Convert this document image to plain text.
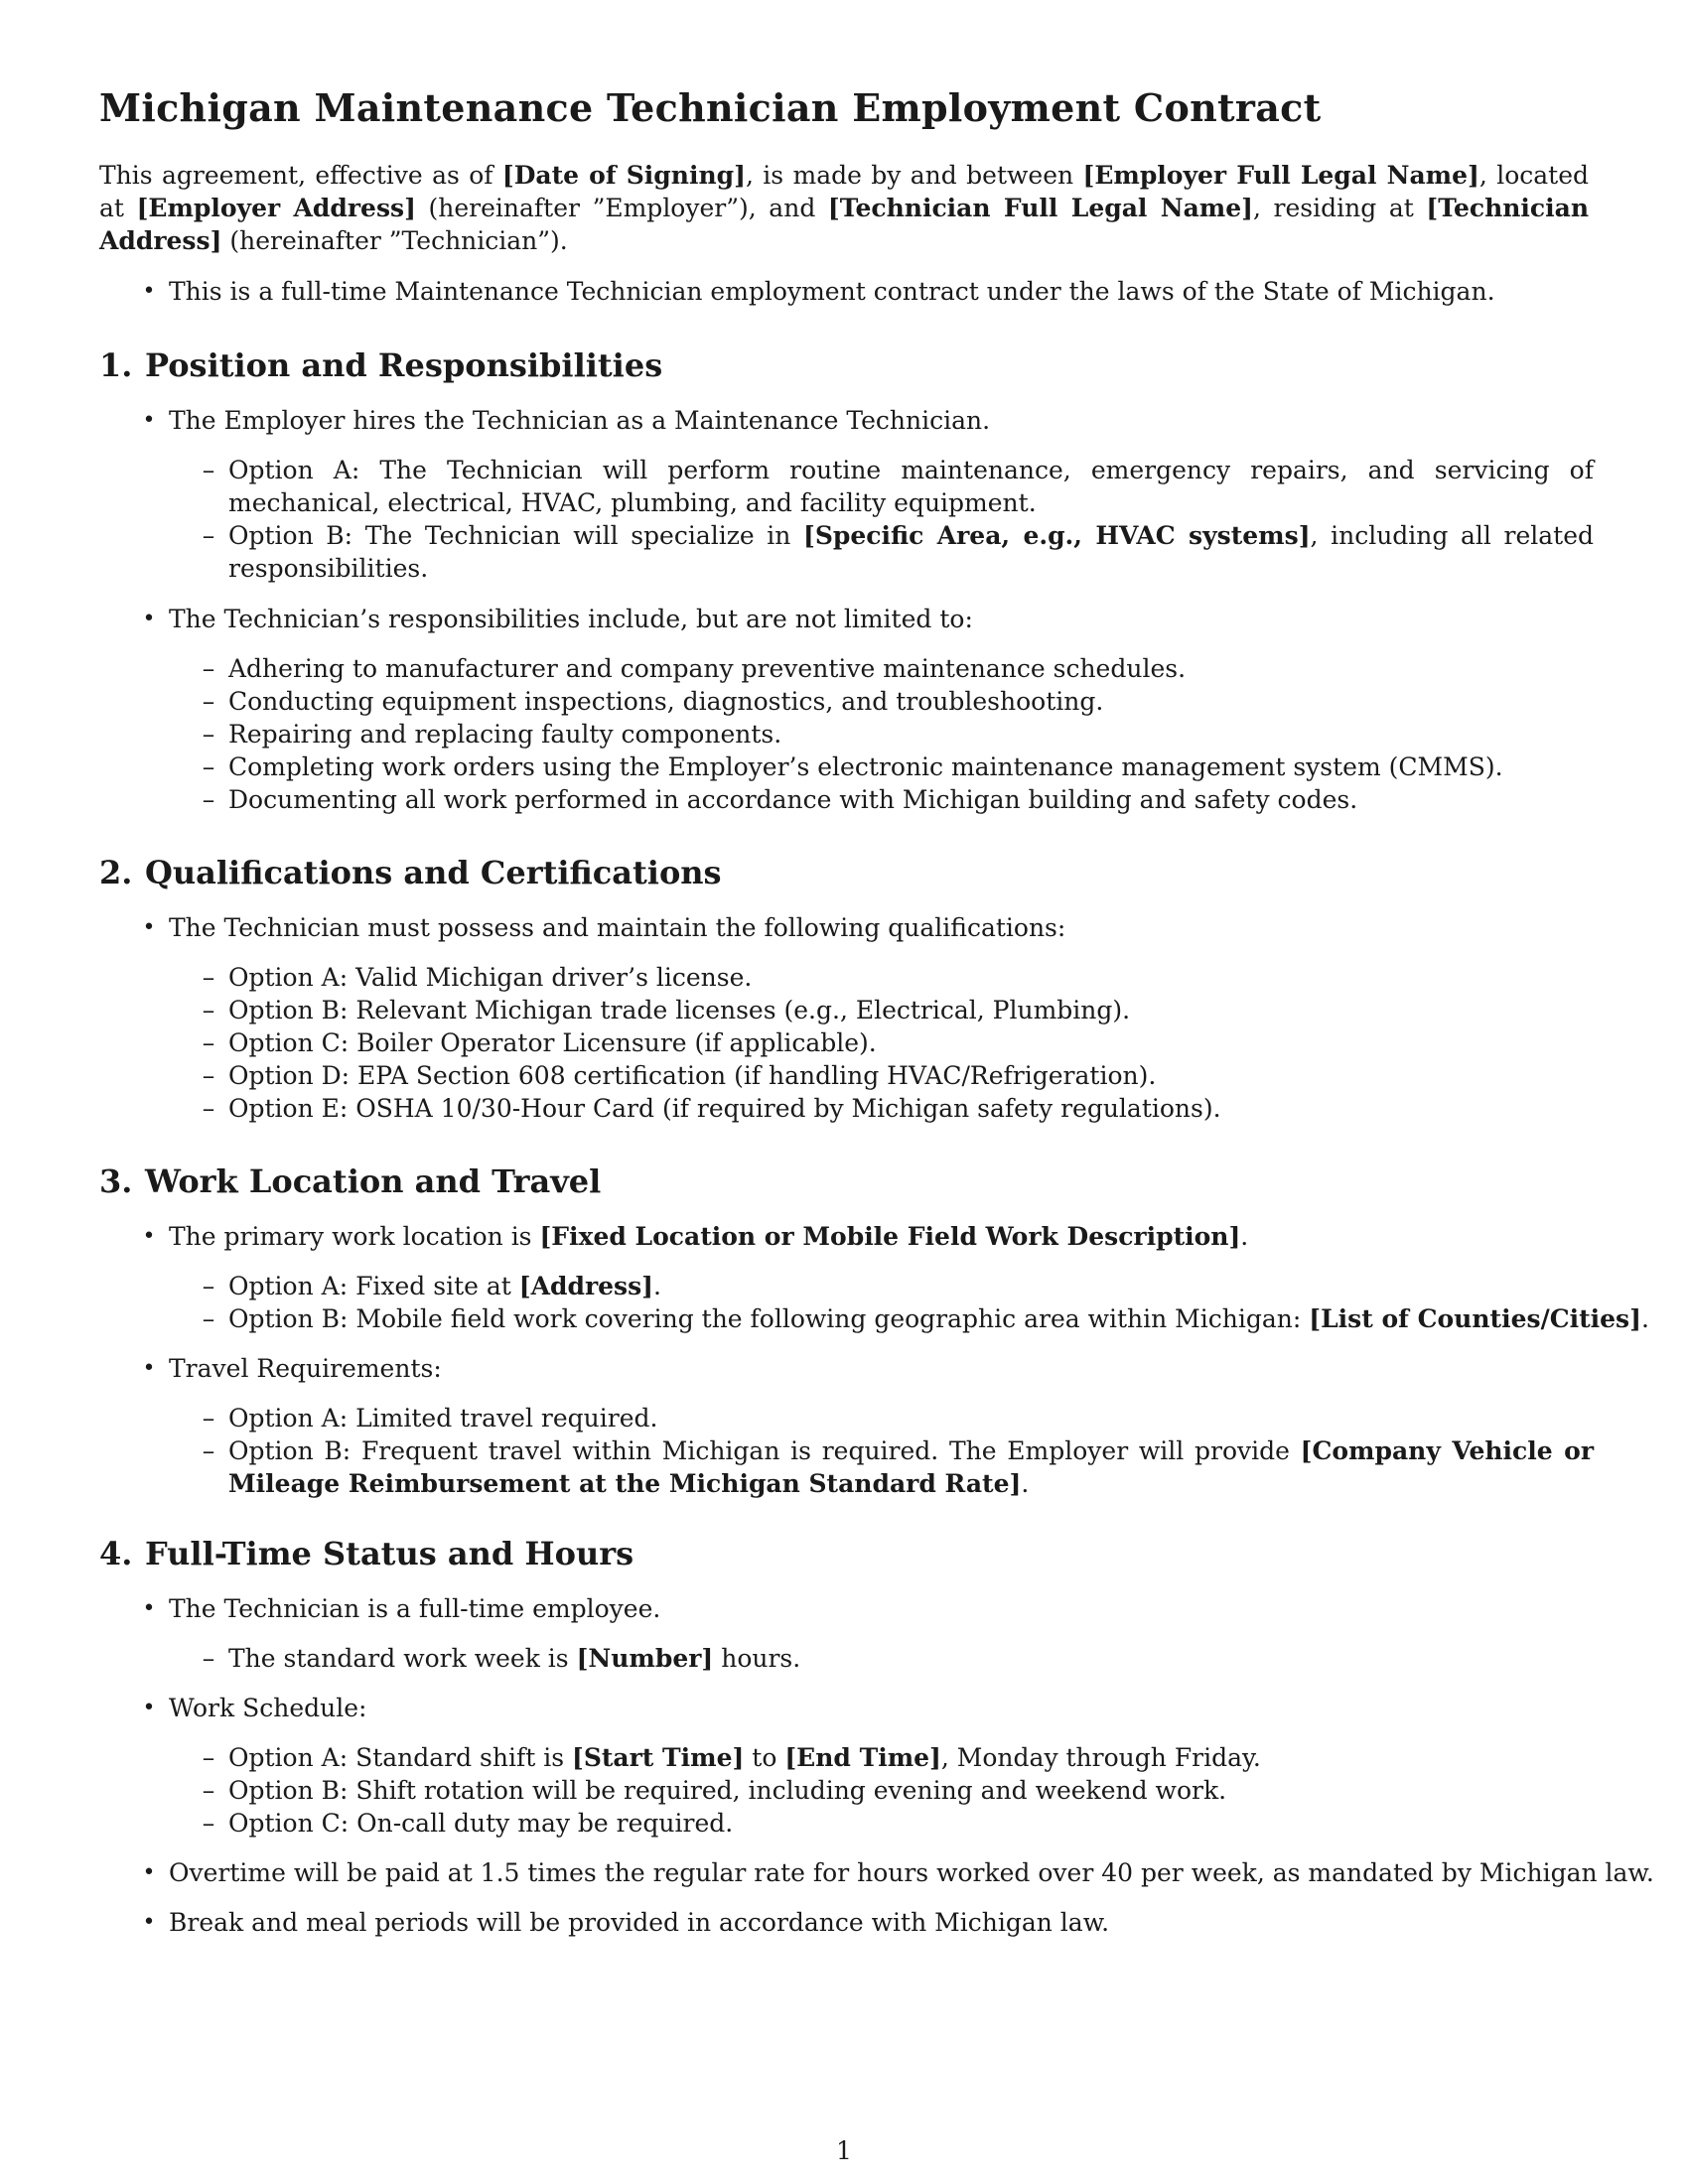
Michigan Maintenance Technician Employment Contract

This agreement, effective as of [Date of Signing], is made by and between [Employer Full Legal Name], located at [Employer Address] (hereinafter ”Employer”), and [Technician Full Legal Name], residing at [Technician Address] (hereinafter ”Technician”).

• This is a full-time Maintenance Technician employment contract under the laws of the State of Michigan.
1. Position and Responsibilities
• The Employer hires the Technician as a Maintenance Technician.
– Option A: The Technician will perform routine maintenance, emergency repairs, and servicing of mechanical, electrical, HVAC, plumbing, and facility equipment.
– Option B: The Technician will specialize in [Specific Area, e.g., HVAC systems], including all related responsibilities.
• The Technician’s responsibilities include, but are not limited to:
– Adhering to manufacturer and company preventive maintenance schedules.
– Conducting equipment inspections, diagnostics, and troubleshooting.
– Repairing and replacing faulty components.
– Completing work orders using the Employer’s electronic maintenance management system (CMMS).
– Documenting all work performed in accordance with Michigan building and safety codes.
2. Qualifications and Certifications
• The Technician must possess and maintain the following qualifications:
– Option A: Valid Michigan driver’s license.
– Option B: Relevant Michigan trade licenses (e.g., Electrical, Plumbing).
– Option C: Boiler Operator Licensure (if applicable).
– Option D: EPA Section 608 certification (if handling HVAC/Refrigeration).
– Option E: OSHA 10/30-Hour Card (if required by Michigan safety regulations).
3. Work Location and Travel
• The primary work location is [Fixed Location or Mobile Field Work Description].
– Option A: Fixed site at [Address].
– Option B: Mobile field work covering the following geographic area within Michigan: [List of Counties/Cities].
• Travel Requirements:
– Option A: Limited travel required.
– Option B: Frequent travel within Michigan is required. The Employer will provide [Company Vehicle or Mileage Reimbursement at the Michigan Standard Rate].
4. Full-Time Status and Hours
• The Technician is a full-time employee.
– The standard work week is [Number] hours.
• Work Schedule:
– Option A: Standard shift is [Start Time] to [End Time], Monday through Friday.
– Option B: Shift rotation will be required, including evening and weekend work.
– Option C: On-call duty may be required.
• Overtime will be paid at 1.5 times the regular rate for hours worked over 40 per week, as mandated by Michigan law.
• Break and meal periods will be provided in accordance with Michigan law.
1
